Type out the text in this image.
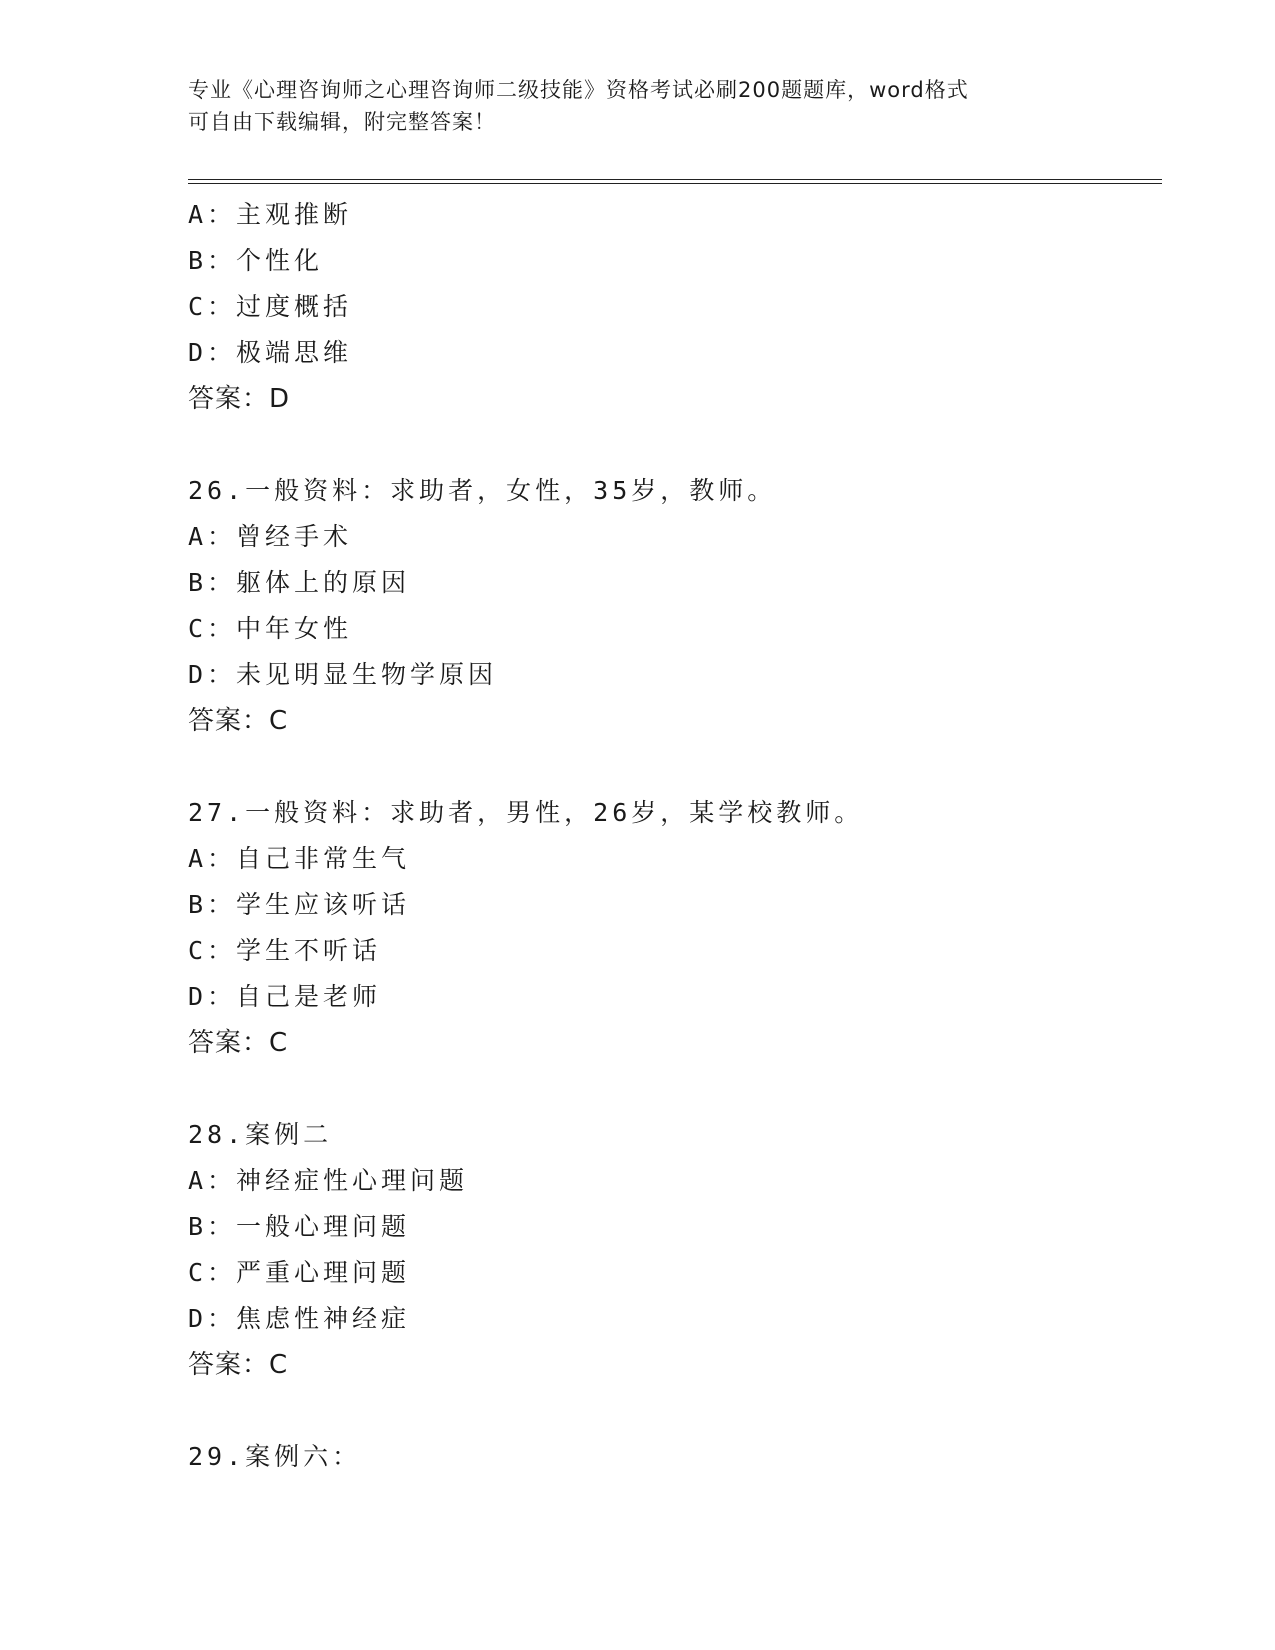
专业《心理咨询师之心理咨询师二级技能》资格考试必刷200题题库，word格式
可自由下载编辑，附完整答案！
A：主观推断
B：个性化
C：过度概括
D：极端思维
答案：D
26.一般资料：求助者，女性，35岁，教师。
A：曾经手术
B：躯体上的原因
C：中年女性
D：未见明显生物学原因
答案：C
27.一般资料：求助者，男性，26岁，某学校教师。
A：自己非常生气
B：学生应该听话
C：学生不听话
D：自己是老师
答案：C
28.案例二
A：神经症性心理问题
B：一般心理问题
C：严重心理问题
D：焦虑性神经症
答案：C
29.案例六：
